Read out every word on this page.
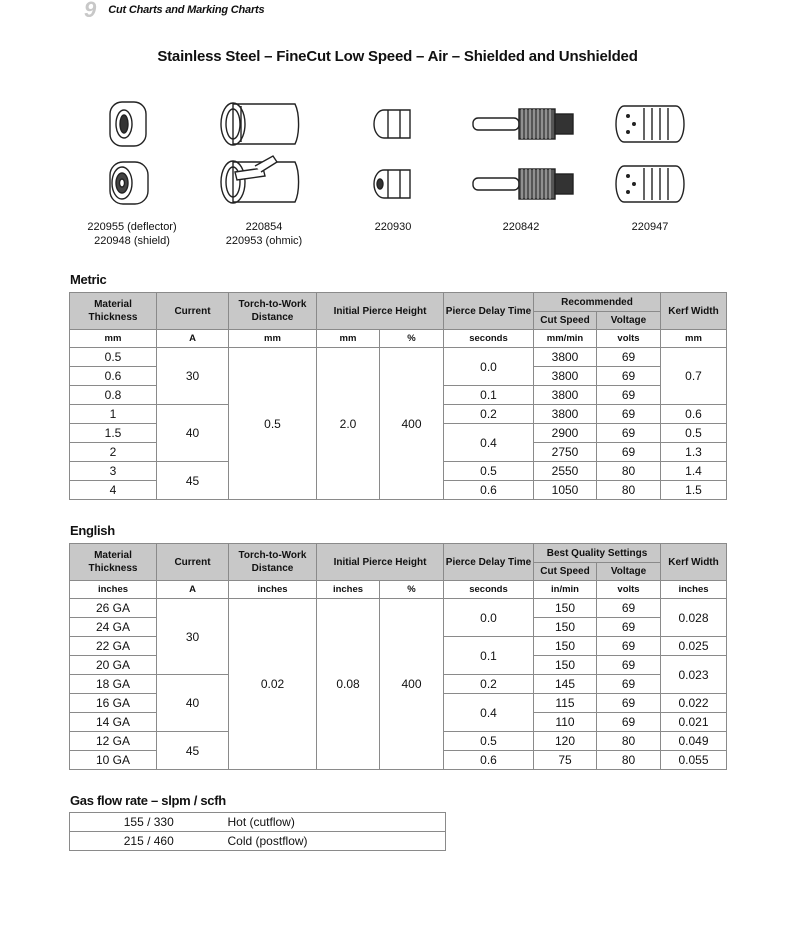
9 Cut Charts and Marking Charts
Stainless Steel – FineCut Low Speed – Air – Shielded and Unshielded
220955 (deflector)
220948 (shield)
220854
220953 (ohmic)
220930	220842	220947
Metric
Material Thickness	Current	Torch-to-Work Distance	Initial Pierce Height		Pierce Delay Time	Recommended		Kerf Width
						Cut Speed	Voltage	
mm	A	mm	mm	%	seconds	mm/min	volts	mm
0.5	30	0.5	2.0	400	0.0	3800	69	0.7
0.6						3800	69	
0.8					0.1	3800	69	
1	40				0.2	3800	69	0.6
1.5					0.4	2900	69	0.5
2						2750	69	1.3
3	45				0.5	2550	80	1.4
4					0.6	1050	80	1.5
English
Material Thickness	Current	Torch-to-Work Distance	Initial Pierce Height		Pierce Delay Time	Best Quality Settings		Kerf Width
						Cut Speed	Voltage	
inches	A	inches	inches	%	seconds	in/min	volts	inches
26 GA	30	0.02	0.08	400	0.0	150	69	0.028
24 GA						150	69	
22 GA					0.1	150	69	0.025
20 GA						150	69	0.023
18 GA	40				0.2	145	69	
16 GA					0.4	115	69	0.022
14 GA						110	69	0.021
12 GA	45				0.5	120	80	0.049
10 GA					0.6	75	80	0.055
Gas flow rate – slpm / scfh
155 / 330	Hot (cutflow)
215 / 460	Cold (postflow)
